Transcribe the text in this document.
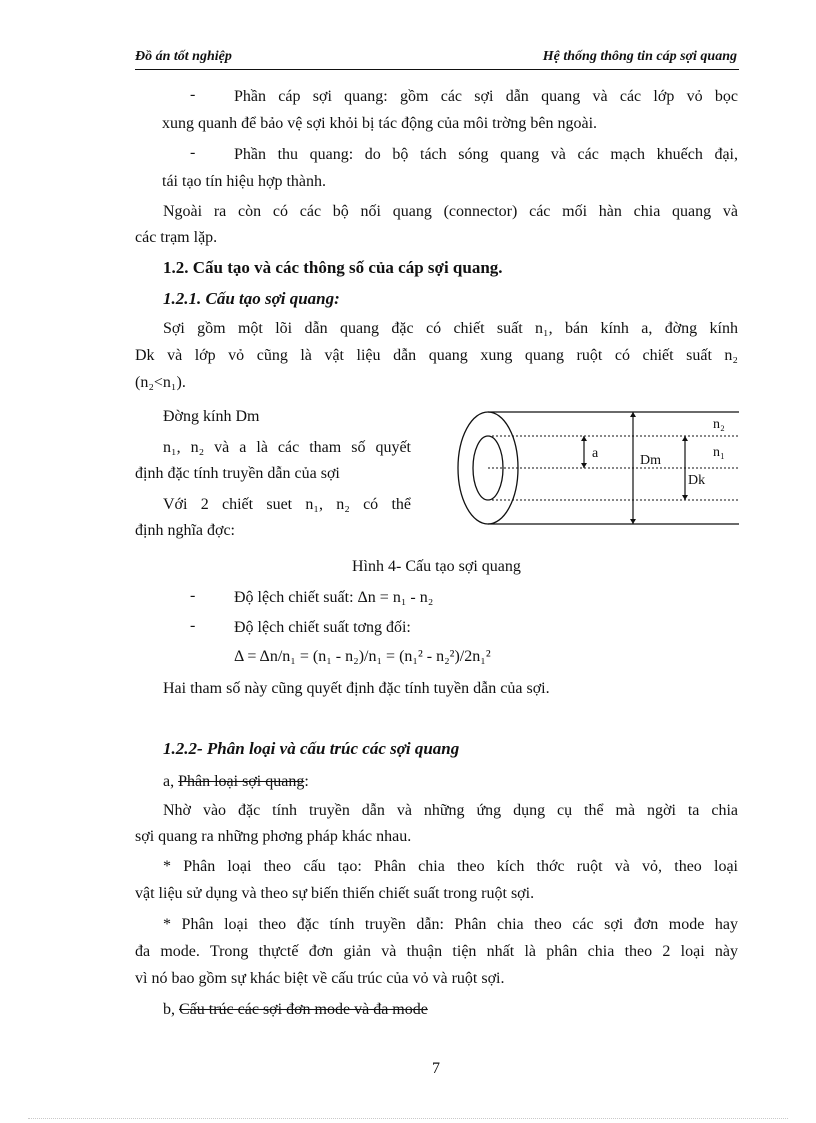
Đồ án tốt nghiệp	Hệ thống thông tin cáp sợi quang
- Phần cáp sợi quang: gồm các sợi dẫn quang và các lớp vỏ bọc
xung quanh để bảo vệ sợi khỏi bị tác động của môi trờng bên ngoài.
- Phần thu quang: do bộ tách sóng quang và các mạch khuếch đại,
tái tạo tín hiệu hợp thành.
Ngoài ra còn có các bộ nối quang (connector) các mối hàn chia quang và
các trạm lặp.
1.2. Cấu tạo và các thông số của cáp sợi quang.
1.2.1. Cấu tạo sợi quang:
Sợi gồm một lõi dẫn quang đặc có chiết suất n₁, bán kính a, đờng kính
Dk và lớp vỏ cũng là vật liệu dẫn quang xung quang ruột có chiết suất n₂
(n₂<n₁).
Đờng kính Dm
n₁, n₂ và a là các tham số quyết
định đặc tính truyền dẫn của sợi
Với 2 chiết suet n₁, n₂ có thể
định nghĩa đợc:
a	Dm
Dk
n₁
n₂
Hình 4- Cấu tạo sợi quang
- Độ lệch chiết suất: Δn = n₁ - n₂
- Độ lệch chiết suất tơng đối:
Δ = Δn/n₁ = (n₁ - n₂)/n₁ = (n₁² - n₂²)/2n₁²
Hai tham số này cũng quyết định đặc tính tuyền dẫn của sợi.
1.2.2- Phân loại và cấu trúc các sợi quang
a, Phân loại sợi quang:
Nhờ vào đặc tính truyền dẫn và những ứng dụng cụ thể mà ngời ta chia
sợi quang ra những phơng pháp khác nhau.
* Phân loại theo cấu tạo: Phân chia theo kích thớc ruột và vỏ, theo loại
vật liệu sử dụng và theo sự biến thiến chiết suất trong ruột sợi.
* Phân loại theo đặc tính truyền dẫn: Phân chia theo các sợi đơn mode hay
đa mode. Trong thựctế đơn giản và thuận tiện nhất là phân chia theo 2 loại này
vì nó bao gồm sự khác biệt về cấu trúc của vỏ và ruột sợi.
b, Cấu trúc các sợi đơn mode và đa mode
7
